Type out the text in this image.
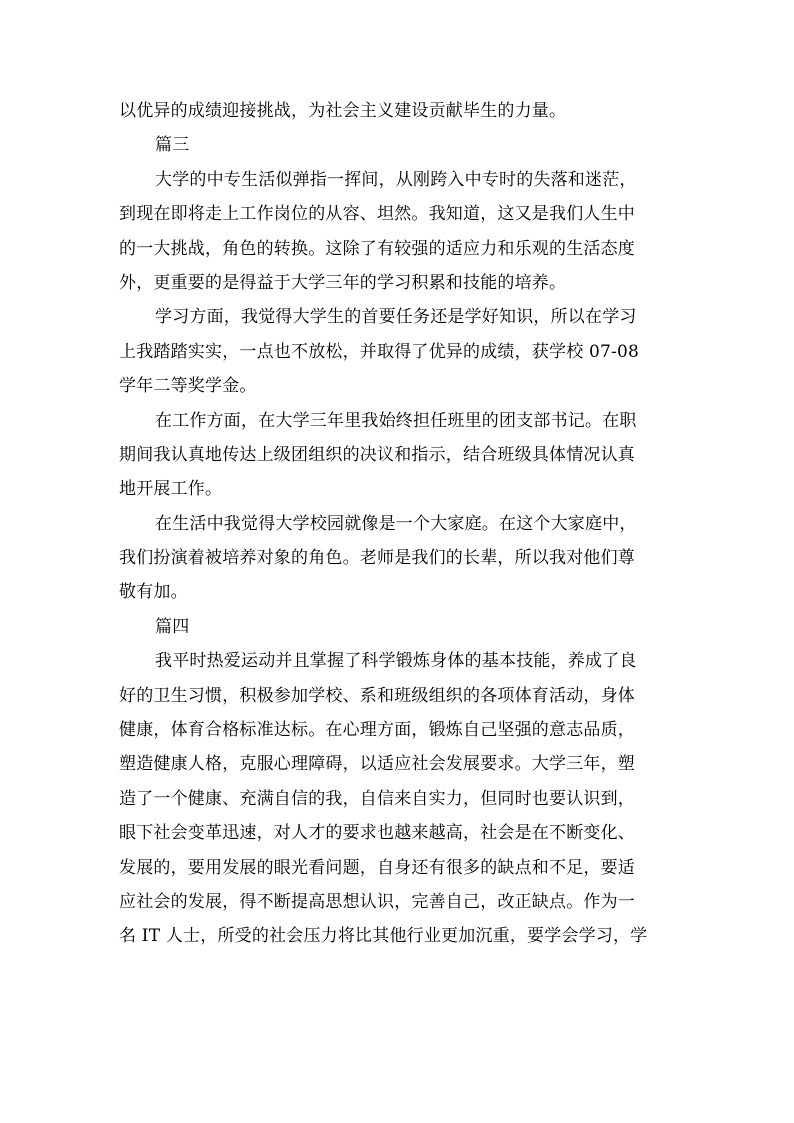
以优异的成绩迎接挑战，为社会主义建设贡献毕生的力量。
篇三
大学的中专生活似弹指一挥间，从刚跨入中专时的失落和迷茫，
到现在即将走上工作岗位的从容、坦然。我知道，这又是我们人生中
的一大挑战，角色的转换。这除了有较强的适应力和乐观的生活态度
外，更重要的是得益于大学三年的学习积累和技能的培养。
学习方面，我觉得大学生的首要任务还是学好知识，所以在学习
上我踏踏实实，一点也不放松，并取得了优异的成绩，获学校 07-08
学年二等奖学金。
在工作方面，在大学三年里我始终担任班里的团支部书记。在职
期间我认真地传达上级团组织的决议和指示，结合班级具体情况认真
地开展工作。
在生活中我觉得大学校园就像是一个大家庭。在这个大家庭中，
我们扮演着被培养对象的角色。老师是我们的长辈，所以我对他们尊
敬有加。
篇四
我平时热爱运动并且掌握了科学锻炼身体的基本技能，养成了良
好的卫生习惯，积极参加学校、系和班级组织的各项体育活动，身体
健康，体育合格标准达标。在心理方面，锻炼自己坚强的意志品质，
塑造健康人格，克服心理障碍，以适应社会发展要求。大学三年，塑
造了一个健康、充满自信的我，自信来自实力，但同时也要认识到，
眼下社会变革迅速，对人才的要求也越来越高，社会是在不断变化、
发展的，要用发展的眼光看问题，自身还有很多的缺点和不足，要适
应社会的发展，得不断提高思想认识，完善自己，改正缺点。作为一
名 IT 人士，所受的社会压力将比其他行业更加沉重，要学会学习，学
